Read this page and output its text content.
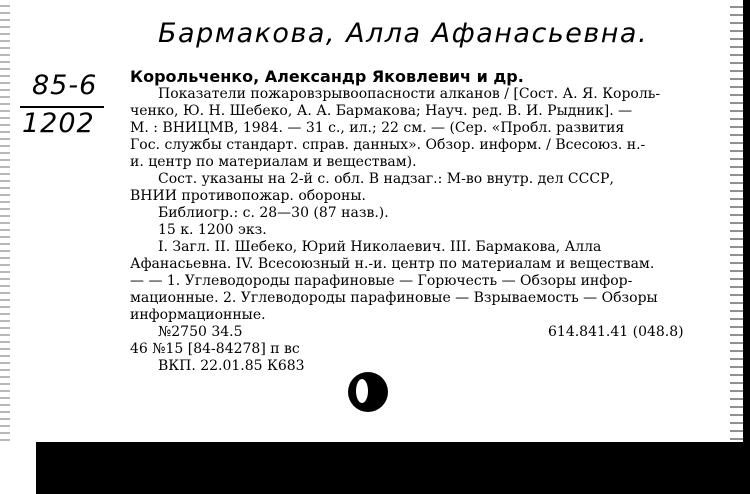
Бармакова, Алла Афанасьевна.
85-6
1202

Корольченко, Александр Яковлевич и др.

Показатели пожаровзрывоопасности алканов / [Сост. А. Я. Король-

ченко, Ю. Н. Шебеко, А. А. Бармакова; Науч. ред. В. И. Рыдник]. —

М. : ВНИЦМВ, 1984. — 31 с., ил.; 22 см. — (Сер. «Пробл. развития

Гос. службы стандарт. справ. данных». Обзор. информ. / Всесоюз. н.-

и. центр по материалам и веществам).

Сост. указаны на 2-й с. обл. В надзаг.: М-во внутр. дел СССР,

ВНИИ противопожар. обороны.

Библиогр.: с. 28—30 (87 назв.).

15 к. 1200 экз.

I. Загл. II. Шебеко, Юрий Николаевич. III. Бармакова, Алла

Афанасьевна. IV. Всесоюзный н.-и. центр по материалам и веществам.

— — 1. Углеводороды парафиновые — Горючесть — Обзоры инфор-

мационные. 2. Углеводороды парафиновые — Взрываемость — Обзоры

информационные.

№2750 34.5	614.841.41 (048.8)

46 №15 [84-84278] п вс

ВКП. 22.01.85 К683
